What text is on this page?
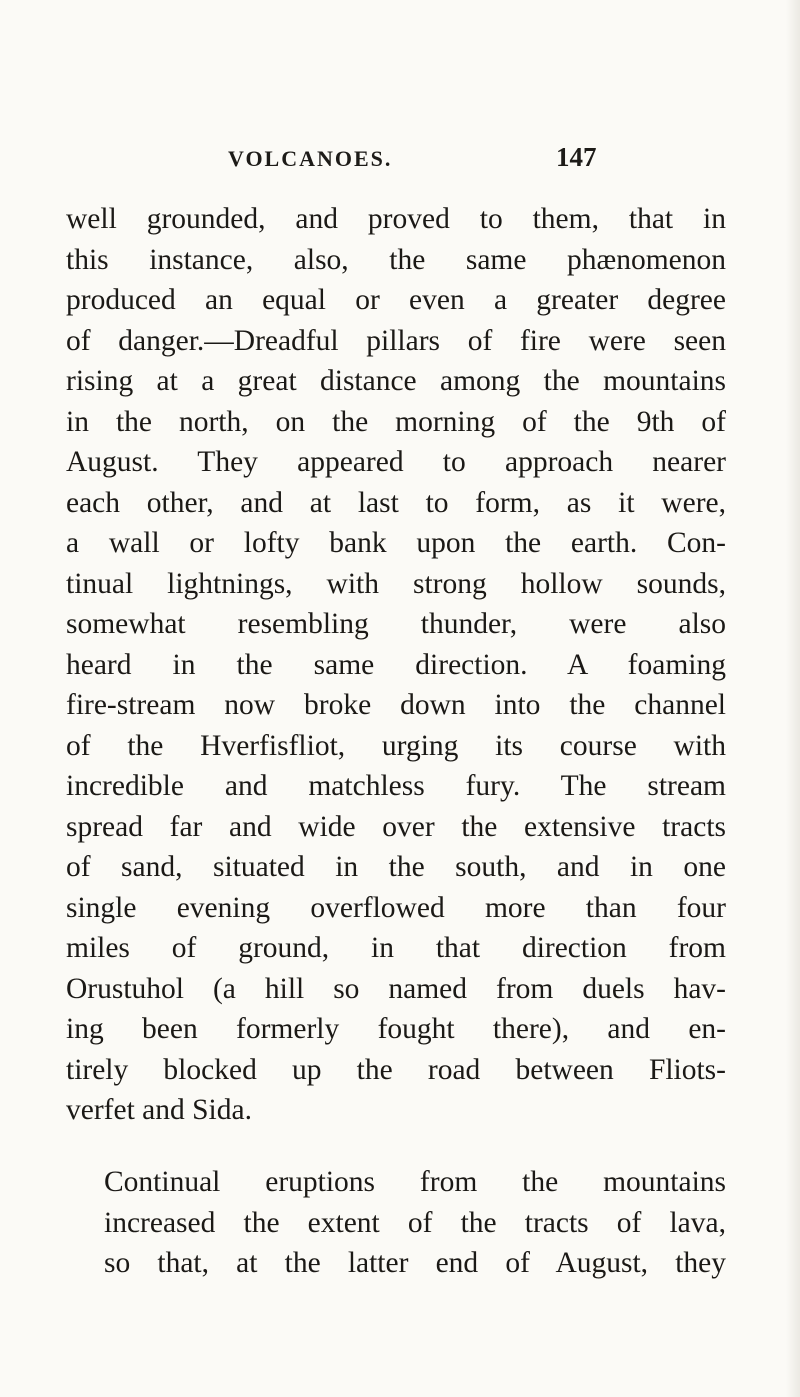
VOLCANOES.	147
well grounded, and proved to them, that in
this instance, also, the same phænomenon
produced an equal or even a greater degree
of danger.—Dreadful pillars of fire were seen
rising at a great distance among the mountains
in the north, on the morning of the 9th of
August. They appeared to approach nearer
each other, and at last to form, as it were,
a wall or lofty bank upon the earth. Con-
tinual lightnings, with strong hollow sounds,
somewhat resembling thunder, were also
heard in the same direction. A foaming
fire-stream now broke down into the channel
of the Hverfisfliot, urging its course with
incredible and matchless fury. The stream
spread far and wide over the extensive tracts
of sand, situated in the south, and in one
single evening overflowed more than four
miles of ground, in that direction from
Orustuhol (a hill so named from duels hav-
ing been formerly fought there), and en-
tirely blocked up the road between Fliots-
verfet and Sida.
Continual eruptions from the mountains
increased the extent of the tracts of lava,
so that, at the latter end of August, they
